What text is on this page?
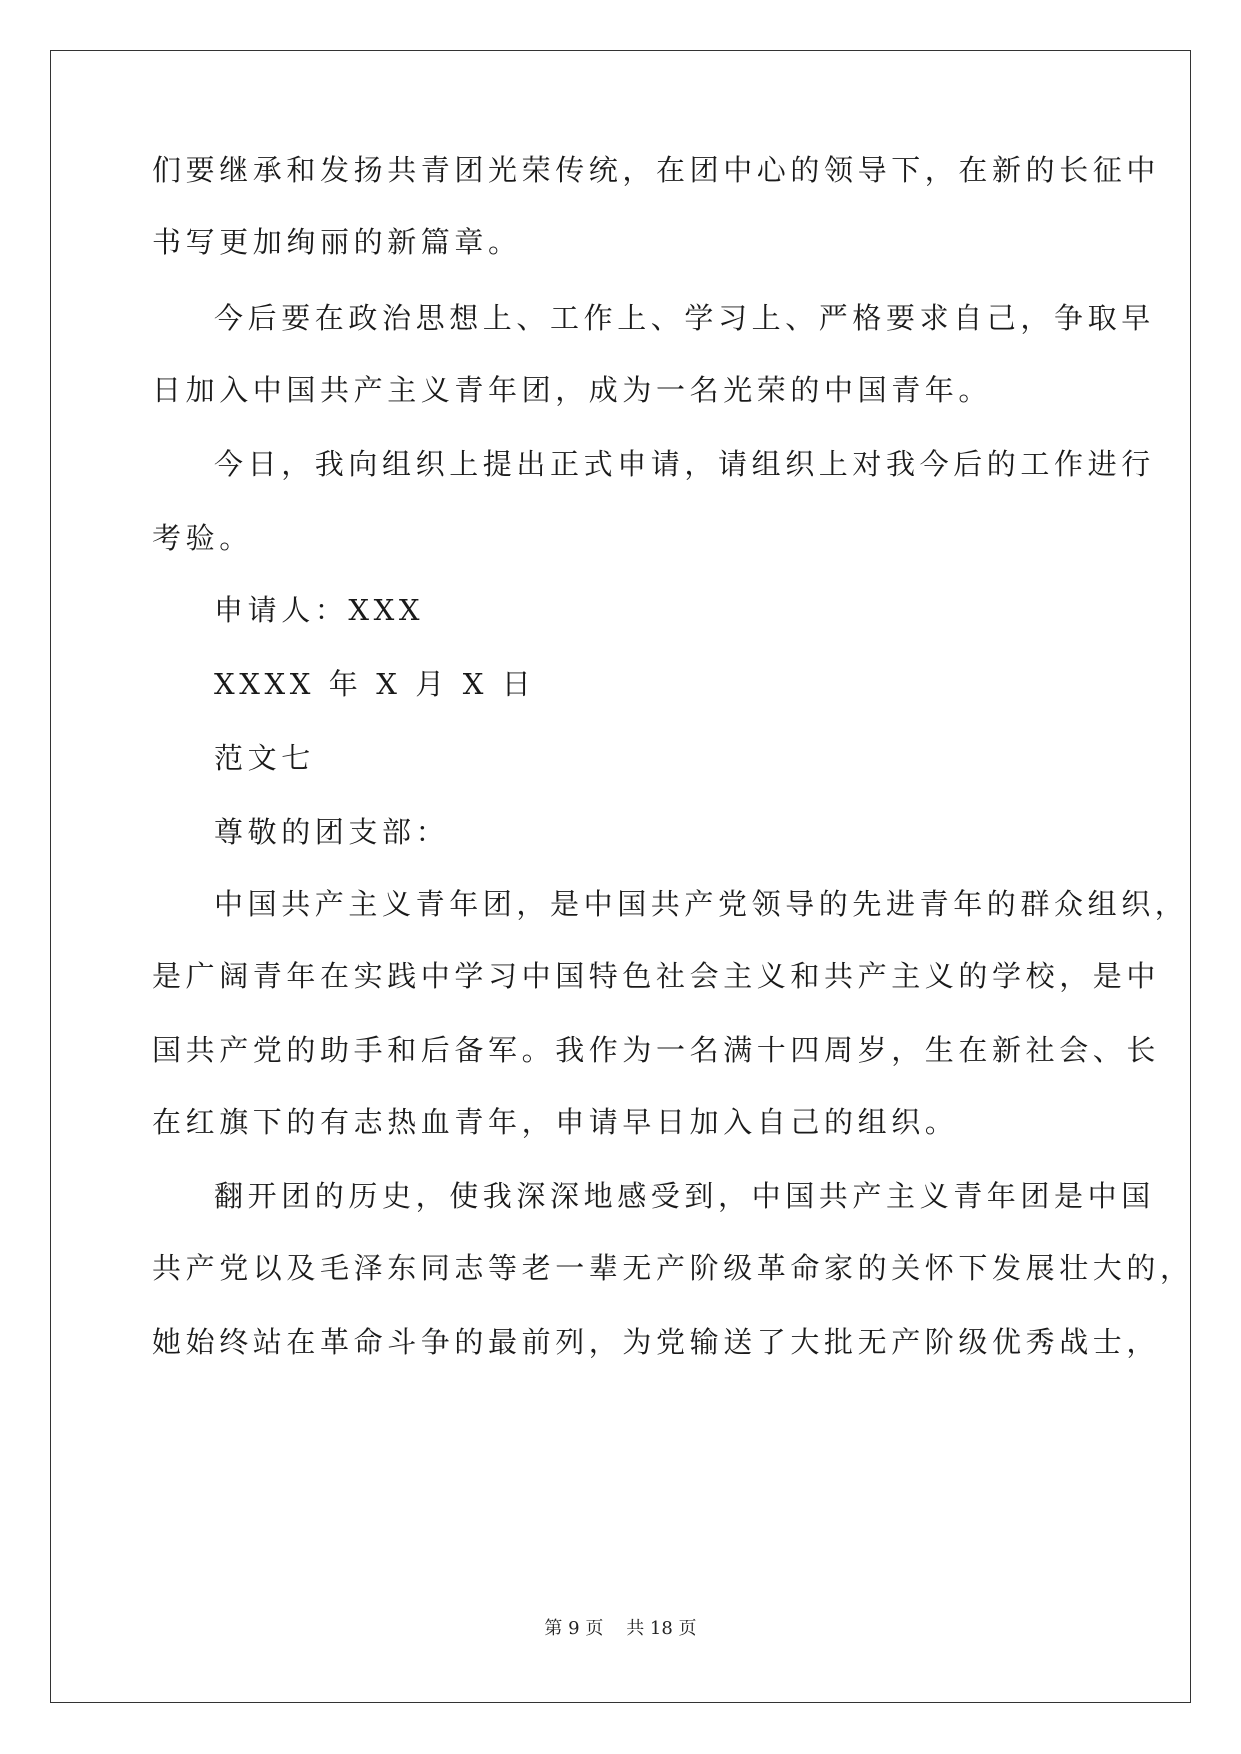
们要继承和发扬共青团光荣传统，在团中心的领导下，在新的长征中
书写更加绚丽的新篇章。
今后要在政治思想上、工作上、学习上、严格要求自己，争取早
日加入中国共产主义青年团，成为一名光荣的中国青年。
今日，我向组织上提出正式申请，请组织上对我今后的工作进行
考验。
申请人：XXX
XXXX 年 X 月 X 日
范文七
尊敬的团支部：
中国共产主义青年团，是中国共产党领导的先进青年的群众组织，
是广阔青年在实践中学习中国特色社会主义和共产主义的学校，是中
国共产党的助手和后备军。我作为一名满十四周岁，生在新社会、长
在红旗下的有志热血青年，申请早日加入自己的组织。
翻开团的历史，使我深深地感受到，中国共产主义青年团是中国
共产党以及毛泽东同志等老一辈无产阶级革命家的关怀下发展壮大的，
她始终站在革命斗争的最前列，为党输送了大批无产阶级优秀战士，
第 9 页    共 18 页
